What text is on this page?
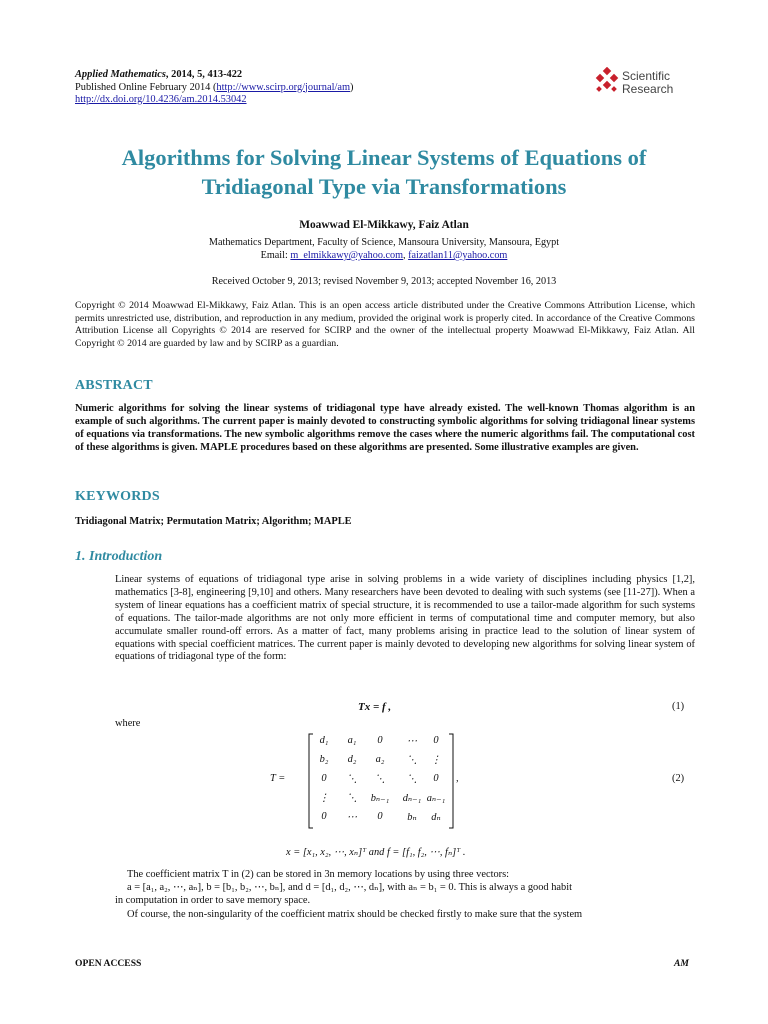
Applied Mathematics, 2014, 5, 413-422
Published Online February 2014 (http://www.scirp.org/journal/am)
http://dx.doi.org/10.4236/am.2014.53042
Scientific
Research
Algorithms for Solving Linear Systems of Equations of
Tridiagonal Type via Transformations
Moawwad El-Mikkawy, Faiz Atlan
Mathematics Department, Faculty of Science, Mansoura University, Mansoura, Egypt
Email: m_elmikkawy@yahoo.com, faizatlan11@yahoo.com
Received October 9, 2013; revised November 9, 2013; accepted November 16, 2013
Copyright © 2014 Moawwad El-Mikkawy, Faiz Atlan. This is an open access article distributed under the Creative Commons Attribution License, which permits unrestricted use, distribution, and reproduction in any medium, provided the original work is properly cited. In accordance of the Creative Commons Attribution License all Copyrights © 2014 are reserved for SCIRP and the owner of the intellectual property Moawwad El-Mikkawy, Faiz Atlan. All Copyright © 2014 are guarded by law and by SCIRP as a guardian.
ABSTRACT
Numeric algorithms for solving the linear systems of tridiagonal type have already existed. The well-known Thomas algorithm is an example of such algorithms. The current paper is mainly devoted to constructing symbolic algorithms for solving tridiagonal linear systems of equations via transformations. The new symbolic algorithms remove the cases where the numeric algorithms fail. The computational cost of these algorithms is given. MAPLE procedures based on these algorithms are presented. Some illustrative examples are given.
KEYWORDS
Tridiagonal Matrix; Permutation Matrix; Algorithm; MAPLE
1. Introduction
Linear systems of equations of tridiagonal type arise in solving problems in a wide variety of disciplines including physics [1,2], mathematics [3-8], engineering [9,10] and others. Many researchers have been devoted to dealing with such systems (see [11-27]). When a system of linear equations has a coefficient matrix of special structure, it is recommended to use a tailor-made algorithm for such systems of equations. The tailor-made algorithms are not only more efficient in terms of computational time and computer memory, but also accumulate smaller round-off errors. As a matter of fact, many problems arising in practice lead to the solution of linear system of equations with special coefficient matrices. The current paper is mainly devoted to developing new algorithms for solving linear system of equations of tridiagonal type of the form:
Tx = f ,	(1)
where
T =
d₁	a₁	0	⋯	0
b₂	d₂	a₂	⋱	⋮
0	⋱	⋱	⋱	0
⋮	⋱	bₙ₋₁	dₙ₋₁ aₙ₋₁
0	⋯	0	bₙ	dₙ
,	(2)
x = [x₁, x₂, ⋯, xₙ]ᵀ and f = [f₁, f₂, ⋯, fₙ]ᵀ .
The coefficient matrix T in (2) can be stored in 3n memory locations by using three vectors:
a = [a₁, a₂, ⋯, aₙ], b = [b₁, b₂, ⋯, bₙ], and d = [d₁, d₂, ⋯, dₙ], with aₙ = b₁ = 0. This is always a good habit
in computation in order to save memory space.
Of course, the non-singularity of the coefficient matrix should be checked firstly to make sure that the system
OPEN ACCESS	AM
